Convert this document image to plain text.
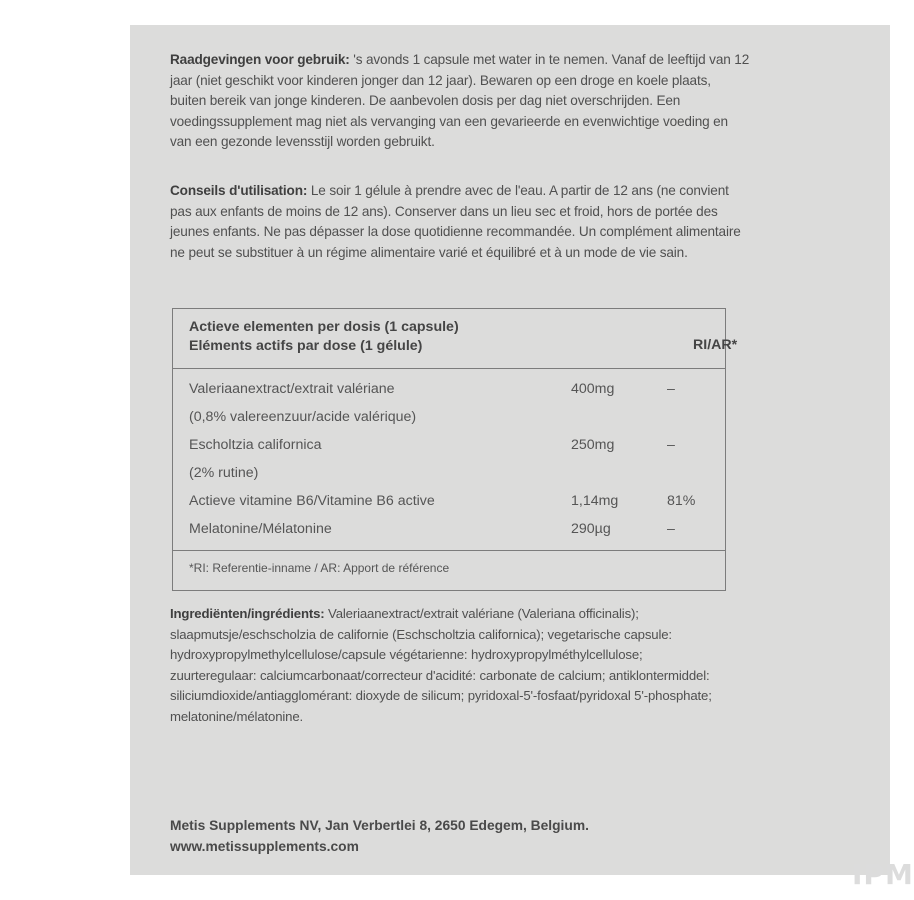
Raadgevingen voor gebruik: 's avonds 1 capsule met water in te nemen. Vanaf de leeftijd van 12 jaar (niet geschikt voor kinderen jonger dan 12 jaar). Bewaren op een droge en koele plaats, buiten bereik van jonge kinderen. De aanbevolen dosis per dag niet overschrijden. Een voedingssupplement mag niet als vervanging van een gevarieerde en evenwichtige voeding en van een gezonde levensstijl worden gebruikt.
Conseils d'utilisation: Le soir 1 gélule à prendre avec de l'eau. A partir de 12 ans (ne convient pas aux enfants de moins de 12 ans). Conserver dans un lieu sec et froid, hors de portée des jeunes enfants. Ne pas dépasser la dose quotidienne recommandée. Un complément alimentaire ne peut se substituer à un régime alimentaire varié et équilibré et à un mode de vie sain.
Actieve elementen per dosis (1 capsule)
Eléments actifs par dose (1 gélule)	RI/AR*
Valeriaanextract/extrait valériane	400mg	–
(0,8% valereenzuur/acide valérique)
Escholtzia californica	250mg	–
(2% rutine)
Actieve vitamine B6/Vitamine B6 active	1,14mg	81%
Melatonine/Mélatonine	290µg	–
*RI: Referentie-inname / AR: Apport de référence
Ingrediënten/ingrédients: Valeriaanextract/extrait valériane (Valeriana officinalis); slaapmutsje/eschscholzia de californie (Eschscholtzia californica); vegetarische capsule: hydroxypropylmethylcellulose/capsule végétarienne: hydroxypropylméthylcellulose; zuurteregulaar: calciumcarbonaat/correcteur d'acidité: carbonate de calcium; antiklontermiddel: siliciumdioxide/antiagglomérant: dioxyde de silicum; pyridoxal-5'-fosfaat/pyridoxal 5'-phosphate; melatonine/mélatonine.
Metis Supplements NV, Jan Verbertlei 8, 2650 Edegem, Belgium.
www.metissupplements.com
IPM
